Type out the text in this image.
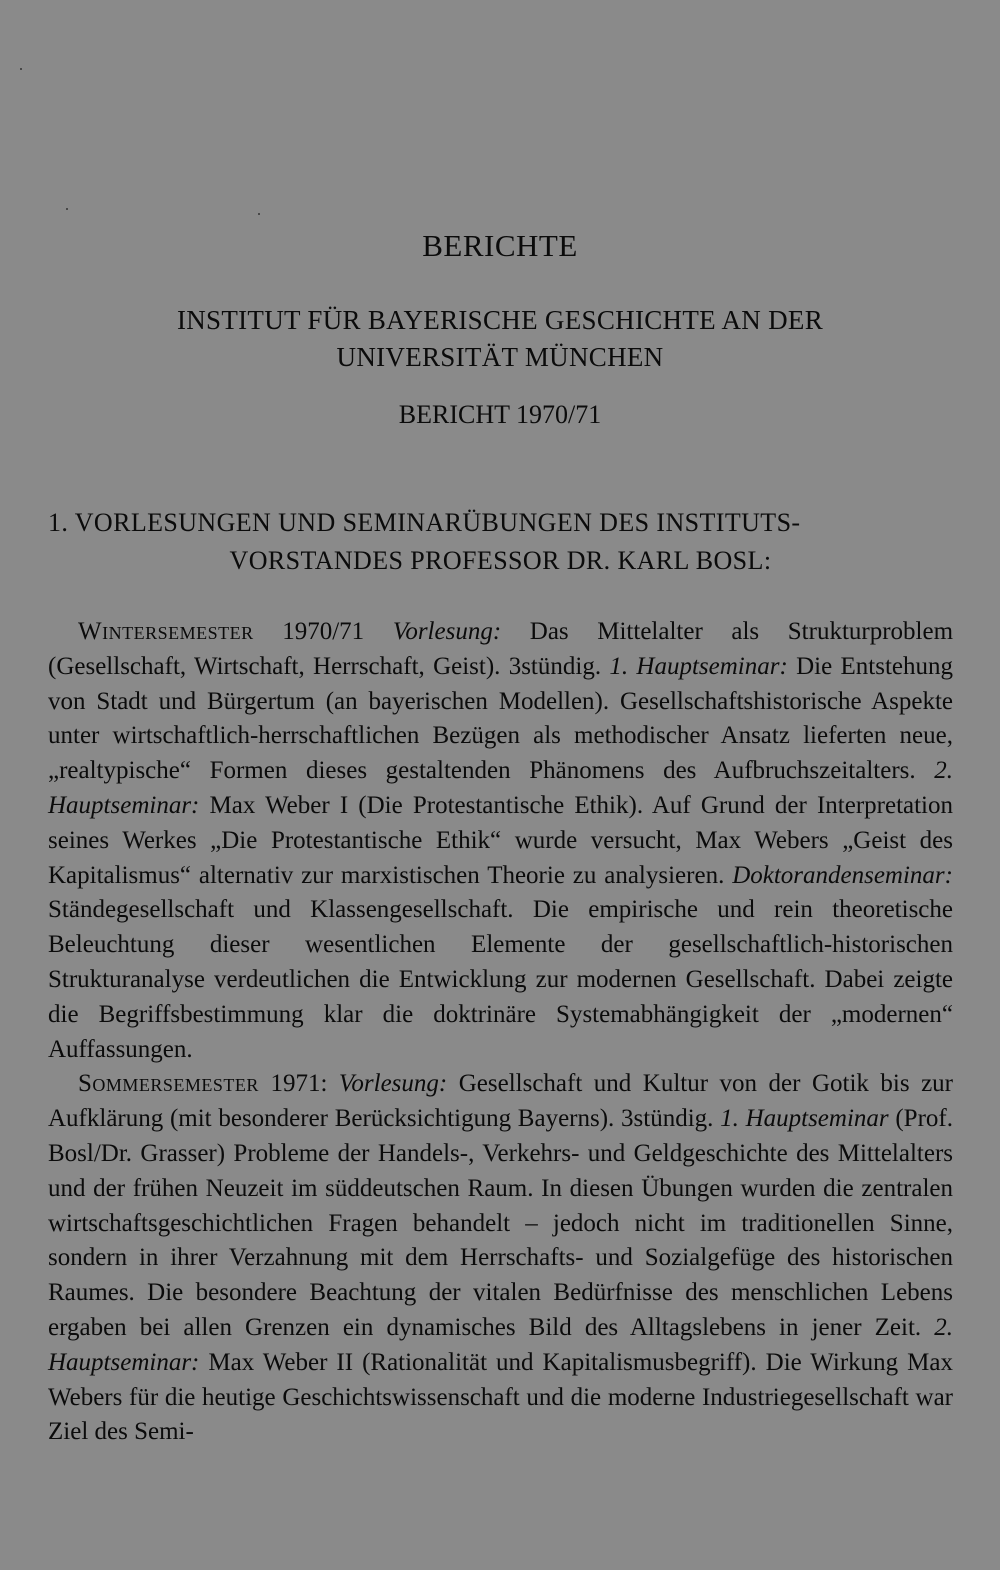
BERICHTE
INSTITUT FÜR BAYERISCHE GESCHICHTE AN DER
UNIVERSITÄT MÜNCHEN
BERICHT 1970/71
1. VORLESUNGEN UND SEMINARÜBUNGEN DES INSTITUTS-
VORSTANDES PROFESSOR DR. KARL BOSL:

Wintersemester 1970/71 Vorlesung: Das Mittelalter als Strukturproblem (Gesellschaft, Wirtschaft, Herrschaft, Geist). 3stündig. 1. Hauptseminar: Die Entstehung von Stadt und Bürgertum (an bayerischen Modellen). Gesellschaftshistorische Aspekte unter wirtschaftlich-herrschaftlichen Bezügen als methodischer Ansatz lieferten neue, „realtypische“ Formen dieses gestaltenden Phänomens des Aufbruchszeitalters. 2. Hauptseminar: Max Weber I (Die Protestantische Ethik). Auf Grund der Interpretation seines Werkes „Die Protestantische Ethik“ wurde versucht, Max Webers „Geist des Kapitalismus“ alternativ zur marxistischen Theorie zu analysieren. Doktorandenseminar: Ständegesellschaft und Klassengesellschaft. Die empirische und rein theoretische Beleuchtung dieser wesentlichen Elemente der gesellschaftlich-historischen Strukturanalyse verdeutlichen die Entwicklung zur modernen Gesellschaft. Dabei zeigte die Begriffsbestimmung klar die doktrinäre Systemabhängigkeit der „modernen“ Auffassungen.

Sommersemester 1971: Vorlesung: Gesellschaft und Kultur von der Gotik bis zur Aufklärung (mit besonderer Berücksichtigung Bayerns). 3stündig. 1. Hauptseminar (Prof. Bosl/Dr. Grasser) Probleme der Handels-, Verkehrs- und Geldgeschichte des Mittelalters und der frühen Neuzeit im süddeutschen Raum. In diesen Übungen wurden die zentralen wirtschaftsgeschichtlichen Fragen behandelt – jedoch nicht im traditionellen Sinne, sondern in ihrer Verzahnung mit dem Herrschafts- und Sozialgefüge des historischen Raumes. Die besondere Beachtung der vitalen Bedürfnisse des menschlichen Lebens ergaben bei allen Grenzen ein dynamisches Bild des Alltagslebens in jener Zeit. 2. Hauptseminar: Max Weber II (Rationalität und Kapitalismusbegriff). Die Wirkung Max Webers für die heutige Geschichtswissenschaft und die moderne Industriegesellschaft war Ziel des Semi-
